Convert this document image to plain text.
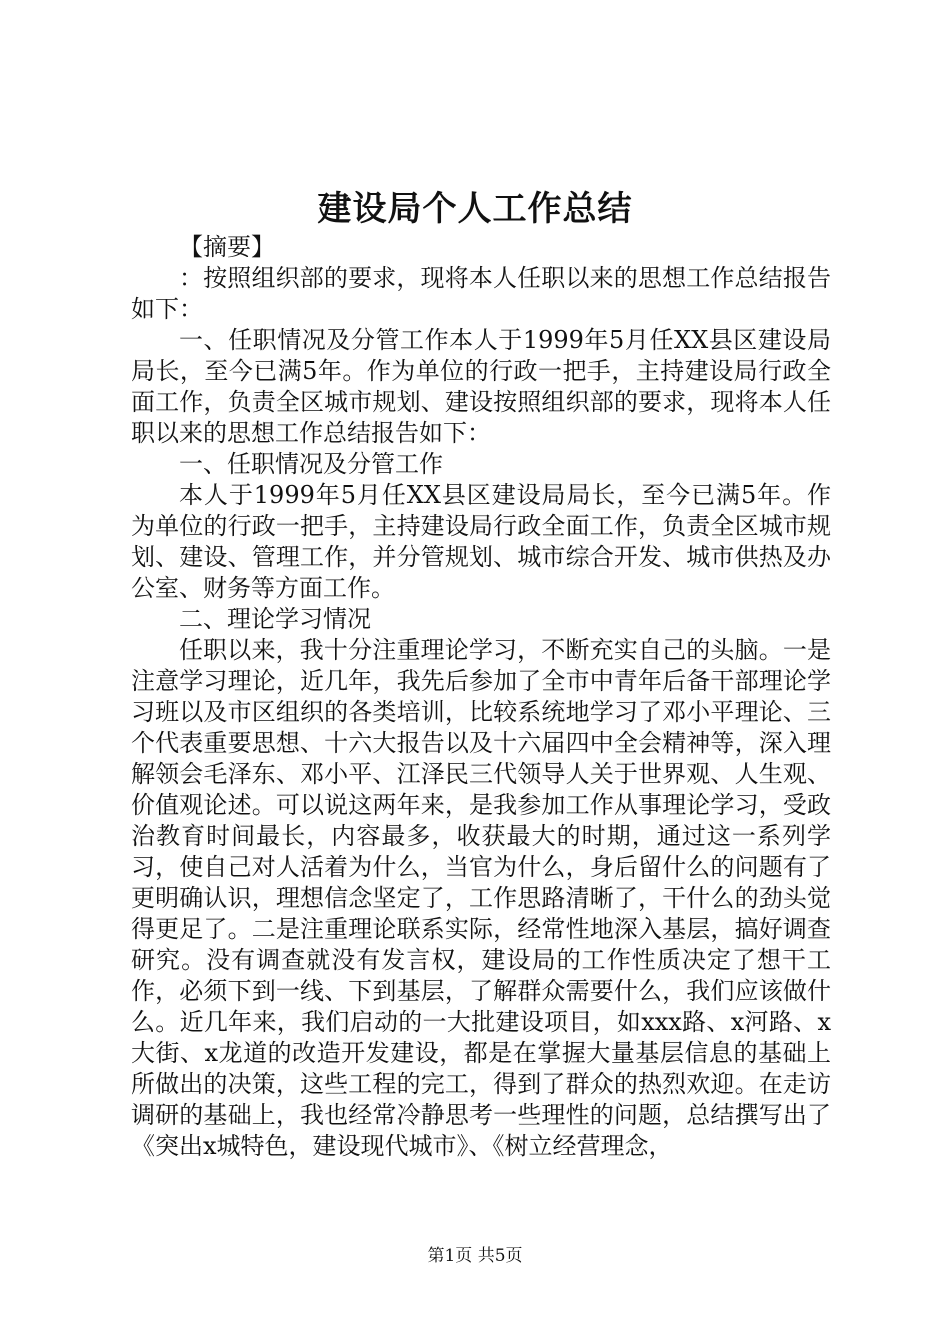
建设局个人工作总结

【摘要】

：按照组织部的要求，现将本人任职以来的思想工作总结报告如下：

一、任职情况及分管工作本人于1999年5月任XX县区建设局局长，至今已满5年。作为单位的行政一把手，主持建设局行政全面工作，负责全区城市规划、建设按照组织部的要求，现将本人任职以来的思想工作总结报告如下：

一、任职情况及分管工作

本人于1999年5月任XX县区建设局局长，至今已满5年。作为单位的行政一把手，主持建设局行政全面工作，负责全区城市规划、建设、管理工作，并分管规划、城市综合开发、城市供热及办公室、财务等方面工作。

二、理论学习情况

任职以来，我十分注重理论学习，不断充实自己的头脑。一是注意学习理论，近几年，我先后参加了全市中青年后备干部理论学习班以及市区组织的各类培训，比较系统地学习了邓小平理论、三个代表重要思想、十六大报告以及十六届四中全会精神等，深入理解领会毛泽东、邓小平、江泽民三代领导人关于世界观、人生观、价值观论述。可以说这两年来，是我参加工作从事理论学习，受政治教育时间最长，内容最多，收获最大的时期，通过这一系列学习，使自己对人活着为什么，当官为什么，身后留什么的问题有了更明确认识，理想信念坚定了，工作思路清晰了，干什么的劲头觉得更足了。二是注重理论联系实际，经常性地深入基层，搞好调查研究。没有调查就没有发言权，建设局的工作性质决定了想干工作，必须下到一线、下到基层，了解群众需要什么，我们应该做什么。近几年来，我们启动的一大批建设项目，如xxx路、x河路、x大街、x龙道的改造开发建设，都是在掌握大量基层信息的基础上所做出的决策，这些工程的完工，得到了群众的热烈欢迎。在走访调研的基础上，我也经常冷静思考一些理性的问题，总结撰写出了《突出x城特色，建设现代城市》、《树立经营理念，

第1页 共5页
